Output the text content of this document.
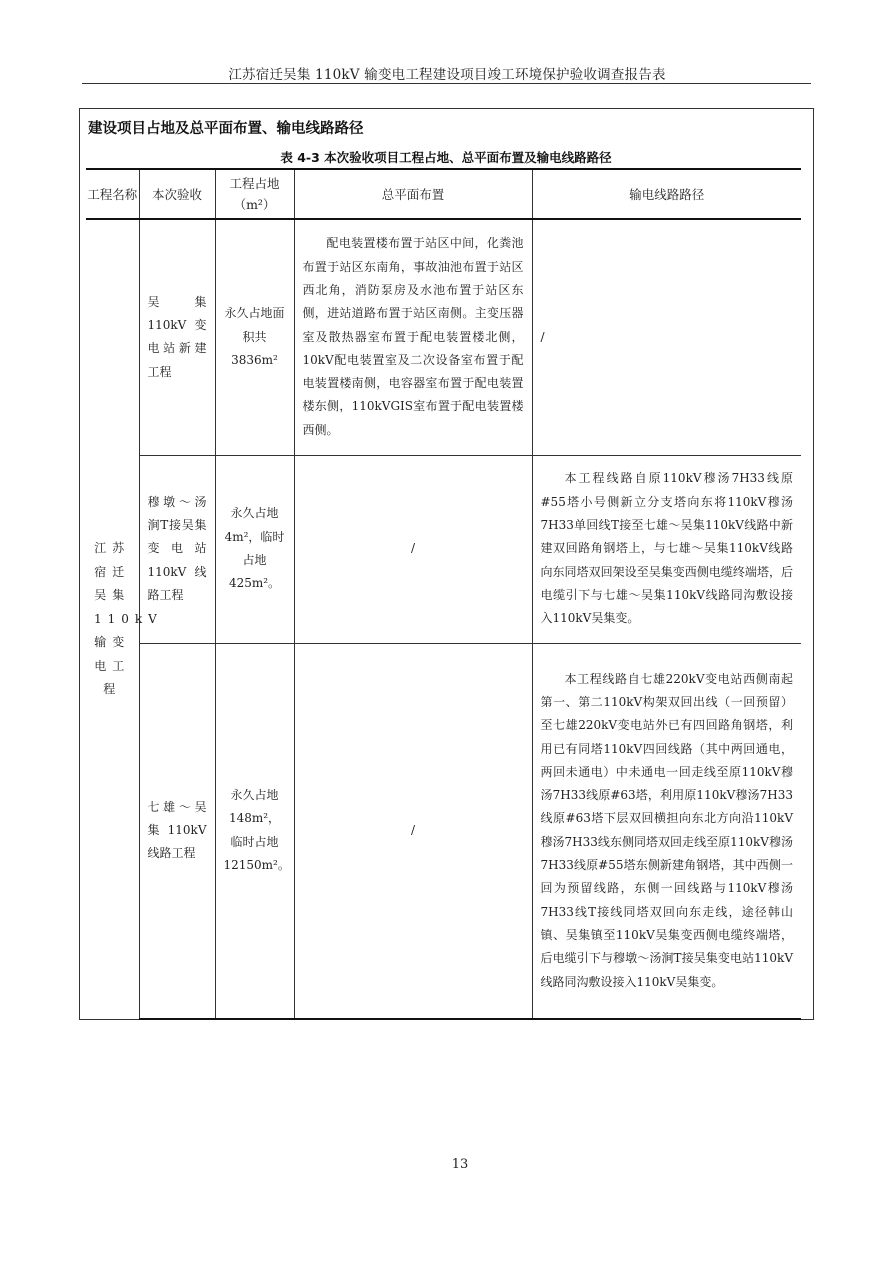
江苏宿迁吴集 110kV 输变电工程建设项目竣工环境保护验收调查报告表
建设项目占地及总平面布置、输电线路路径
表 4-3 本次验收项目工程占地、总平面布置及输电线路路径
工程名称	本次验收	工程占地（m²）	总平面布置	输电线路路径
江苏宿迁吴集110kV输变电工程	吴集110kV变电站新建工程	永久占地面积共3836m²	配电装置楼布置于站区中间，化粪池布置于站区东南角，事故油池布置于站区西北角，消防泵房及水池布置于站区东侧，进站道路布置于站区南侧。主变压器室及散热器室布置于配电装置楼北侧，10kV配电装置室及二次设备室布置于配电装置楼南侧，电容器室布置于配电装置楼东侧，110kVGIS室布置于配电装置楼西侧。	/
	穆墩～汤涧T接吴集变电站110kV线路工程	永久占地4m²，临时占地425m²。	/	本工程线路自原110kV穆汤7H33线原#55塔小号侧新立分支塔向东将110kV穆汤7H33单回线T接至七雄～吴集110kV线路中新建双回路角钢塔上，与七雄～吴集110kV线路向东同塔双回架设至吴集变西侧电缆终端塔，后电缆引下与七雄～吴集110kV线路同沟敷设接入110kV吴集变。
	七雄～吴集110kV线路工程	永久占地148m²，临时占地12150m²。	/	本工程线路自七雄220kV变电站西侧南起第一、第二110kV构架双回出线（一回预留）至七雄220kV变电站外已有四回路角钢塔，利用已有同塔110kV四回线路（其中两回通电，两回未通电）中未通电一回走线至原110kV穆汤7H33线原#63塔，利用原110kV穆汤7H33线原#63塔下层双回横担向东北方向沿110kV穆汤7H33线东侧同塔双回走线至原110kV穆汤7H33线原#55塔东侧新建角钢塔，其中西侧一回为预留线路，东侧一回线路与110kV穆汤7H33线T接线同塔双回向东走线，途径韩山镇、吴集镇至110kV吴集变西侧电缆终端塔，后电缆引下与穆墩～汤涧T接吴集变电站110kV线路同沟敷设接入110kV吴集变。
13
